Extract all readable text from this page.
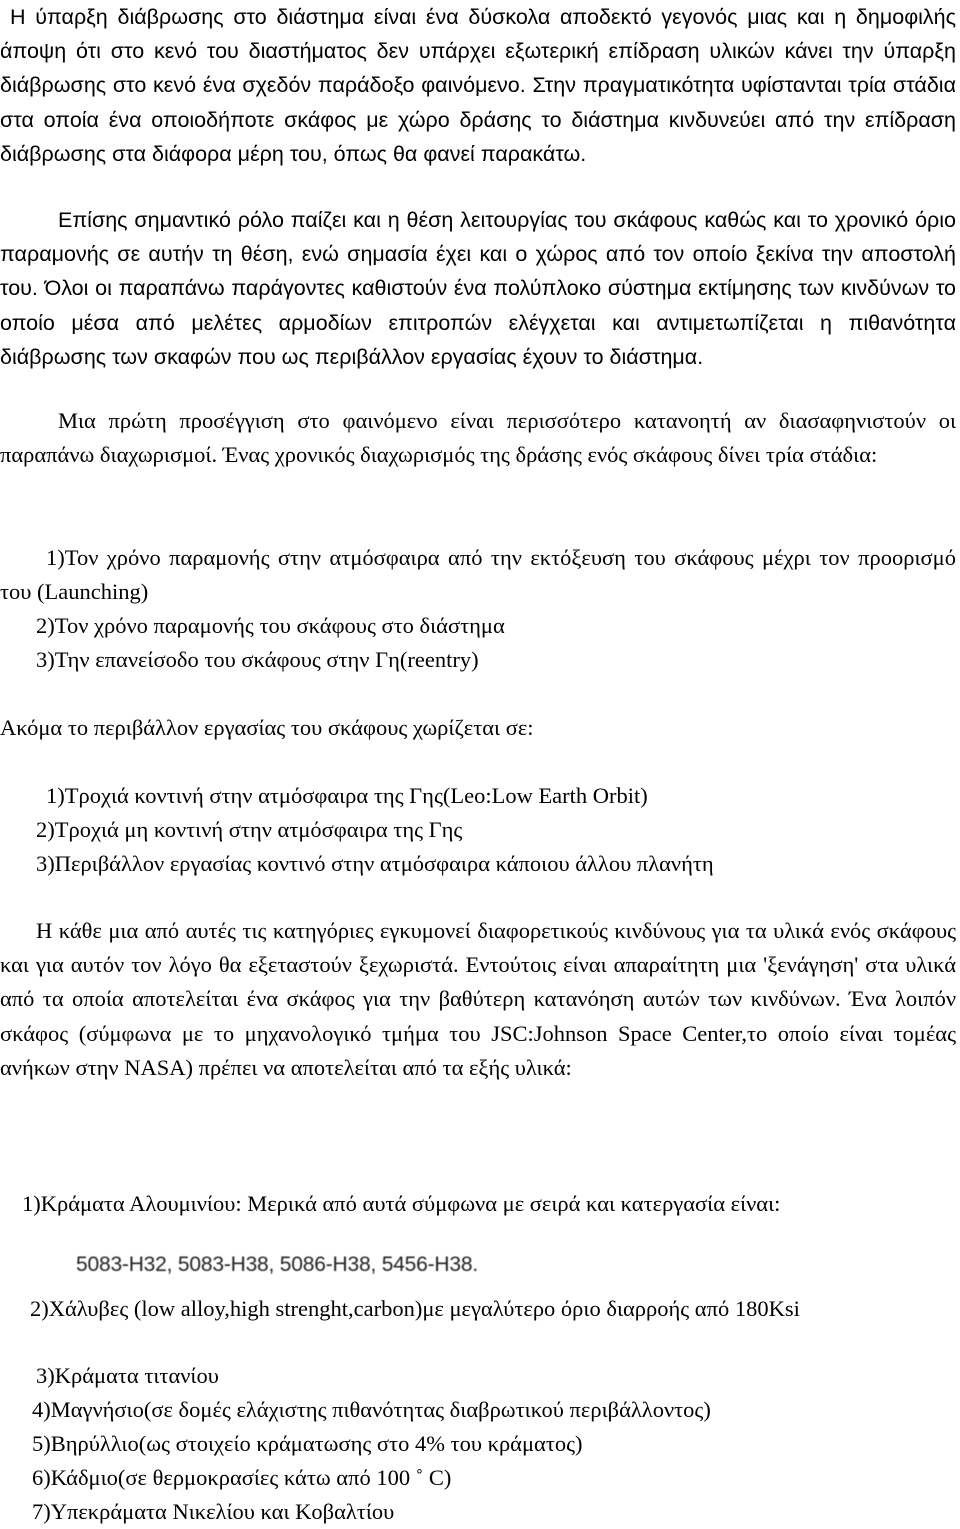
Η ύπαρξη διάβρωσης στο διάστημα είναι ένα δύσκολα αποδεκτό γεγονός μιας και η δημοφιλής άποψη ότι στο κενό του διαστήματος δεν υπάρχει εξωτερική επίδραση υλικών κάνει την ύπαρξη διάβρωσης στο κενό ένα σχεδόν παράδοξο φαινόμενο. Στην πραγματικότητα υφίστανται τρία στάδια στα οποία ένα οποιοδήποτε σκάφος με χώρο δράσης το διάστημα κινδυνεύει από την επίδραση διάβρωσης στα διάφορα μέρη του, όπως θα φανεί παρακάτω.

Επίσης σημαντικό ρόλο παίζει και η θέση λειτουργίας του σκάφους καθώς και το χρονικό όριο παραμονής σε αυτήν τη θέση, ενώ σημασία έχει και ο χώρος από τον οποίο ξεκίνα την αποστολή του. Όλοι οι παραπάνω παράγοντες καθιστούν ένα πολύπλοκο σύστημα εκτίμησης των κινδύνων το οποίο μέσα από μελέτες αρμοδίων επιτροπών ελέγχεται και αντιμετωπίζεται η πιθανότητα διάβρωσης των σκαφών που ως περιβάλλον εργασίας έχουν το διάστημα.

Μια πρώτη προσέγγιση στο φαινόμενο είναι περισσότερο κατανοητή αν διασαφηνιστούν οι παραπάνω διαχωρισμοί. Ένας χρονικός διαχωρισμός της δράσης ενός σκάφους δίνει τρία στάδια:

1)Τον χρόνο παραμονής στην ατμόσφαιρα από την εκτόξευση του σκάφους μέχρι τον προορισμό του (Launching)

2)Τον χρόνο παραμονής του σκάφους στο διάστημα

3)Την επανείσοδο του σκάφους στην Γη(reentry)

Ακόμα το περιβάλλον εργασίας του σκάφους χωρίζεται σε:

1)Τροχιά κοντινή στην ατμόσφαιρα της Γης(Leo:Low Earth Orbit)

2)Τροχιά μη κοντινή στην ατμόσφαιρα της Γης

3)Περιβάλλον εργασίας κοντινό στην ατμόσφαιρα κάποιου άλλου πλανήτη

Η κάθε μια από αυτές τις κατηγόριες εγκυμονεί διαφορετικούς κινδύνους για τα υλικά ενός σκάφους και για αυτόν τον λόγο θα εξεταστούν ξεχωριστά. Εντούτοις είναι απαραίτητη μια 'ξενάγηση' στα υλικά από τα οποία αποτελείται ένα σκάφος για την βαθύτερη κατανόηση αυτών των κινδύνων. Ένα λοιπόν σκάφος (σύμφωνα με το μηχανολογικό τμήμα του JSC:Johnson Space Center,το οποίο είναι τομέας ανήκων στην NASA) πρέπει να αποτελείται από τα εξής υλικά:

1)Κράματα Αλουμινίου: Μερικά από αυτά σύμφωνα με σειρά και κατεργασία είναι:

5083-H32, 5083-H38, 5086-H38, 5456-H38.

2)Χάλυβες (low alloy,high strenght,carbon)με μεγαλύτερο όριο διαρροής από 180Ksi

3)Κράματα τιτανίου

4)Μαγνήσιο(σε δομές ελάχιστης πιθανότητας διαβρωτικού περιβάλλοντος)

5)Βηρύλλιο(ως στοιχείο κράματωσης στο 4% του κράματος)

6)Κάδμιο(σε θερμοκρασίες κάτω από 100 ˚ C)

7)Υπεκράματα Νικελίου και Κοβαλτίου
